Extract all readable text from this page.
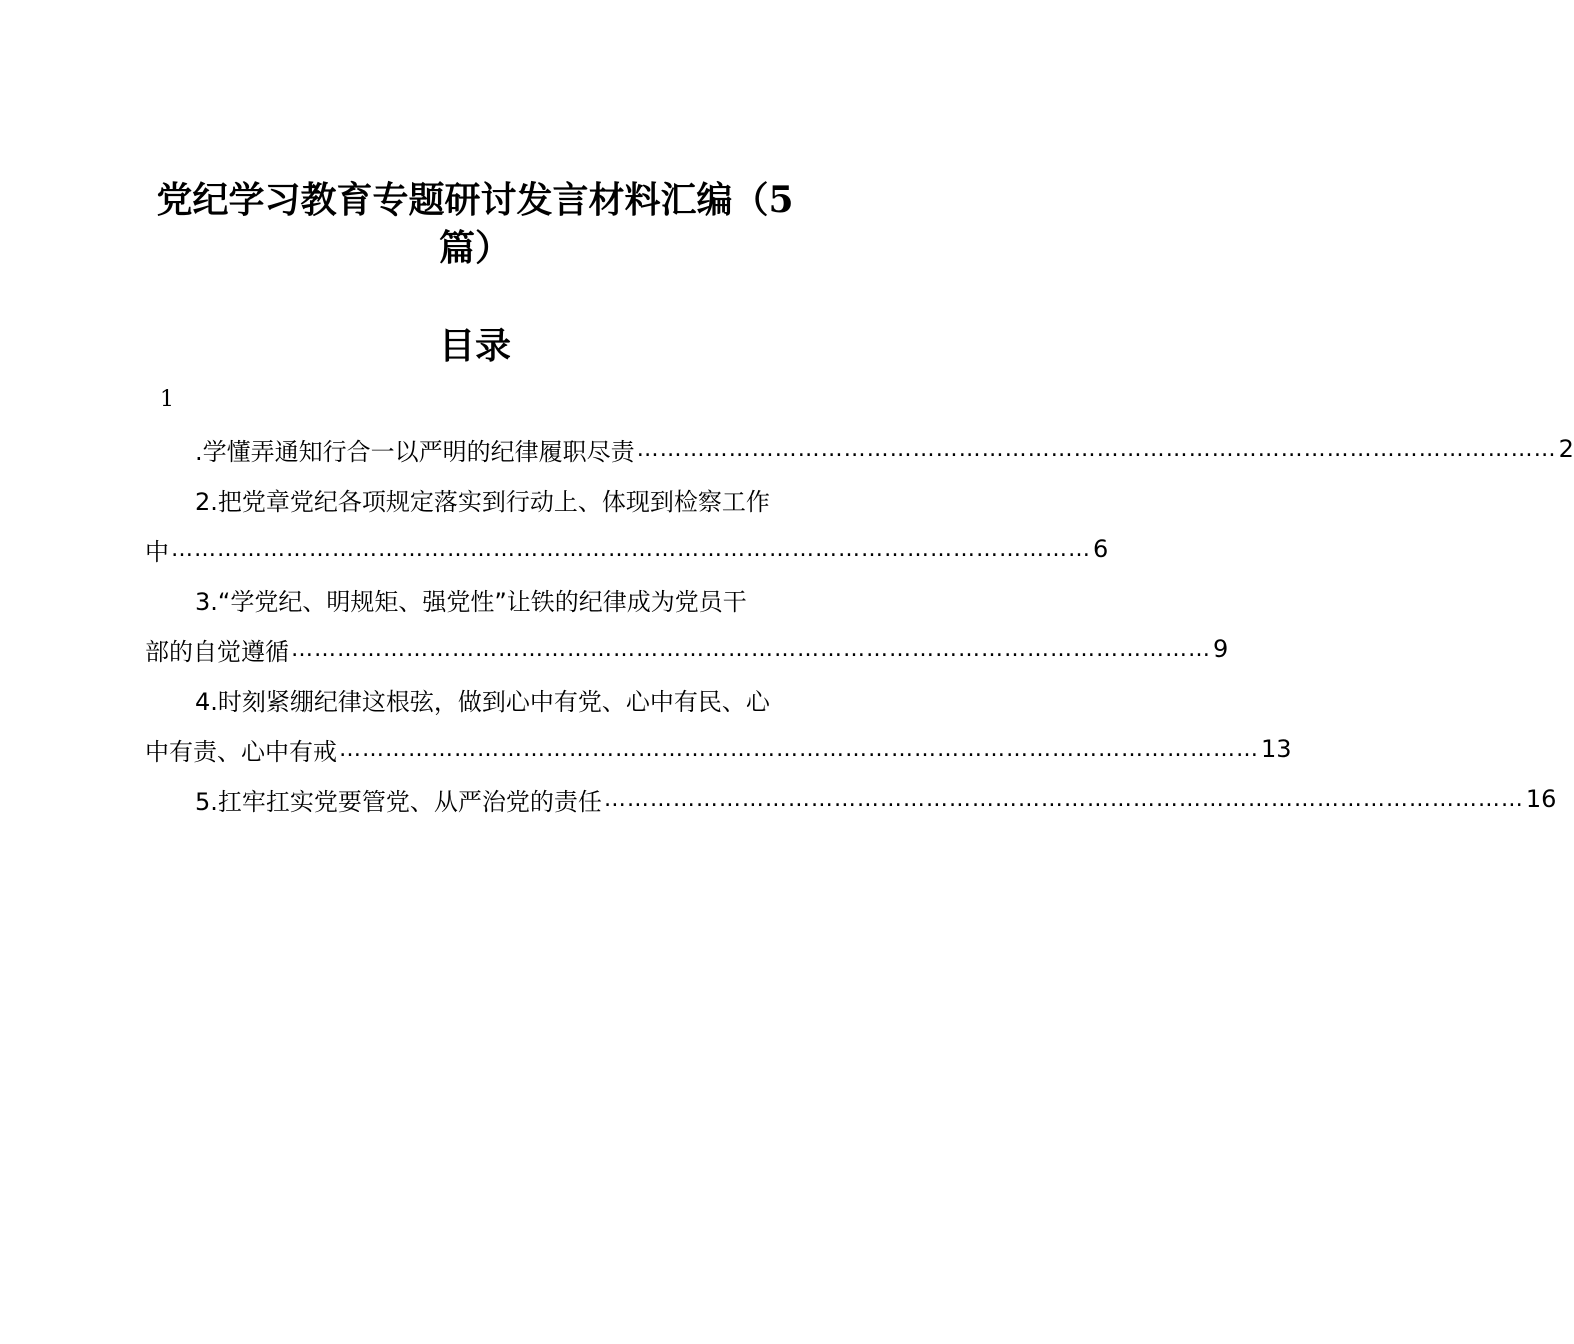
党纪学习教育专题研讨发言材料汇编（5
篇）
目录
1
.学懂弄通知行合一以严明的纪律履职尽责 ………………………………………………………………………………………………………… 2
2.把党章党纪各项规定落实到行动上、体现到检察工作
中 ………………………………………………………………………………………………………… 6
3.“学党纪、明规矩、强党性”让铁的纪律成为党员干
部的自觉遵循 ………………………………………………………………………………………………………… 9
4.时刻紧绷纪律这根弦，做到心中有党、心中有民、心
中有责、心中有戒 ………………………………………………………………………………………………………… 13
5.扛牢扛实党要管党、从严治党的责任 ………………………………………………………………………………………………………… 16
